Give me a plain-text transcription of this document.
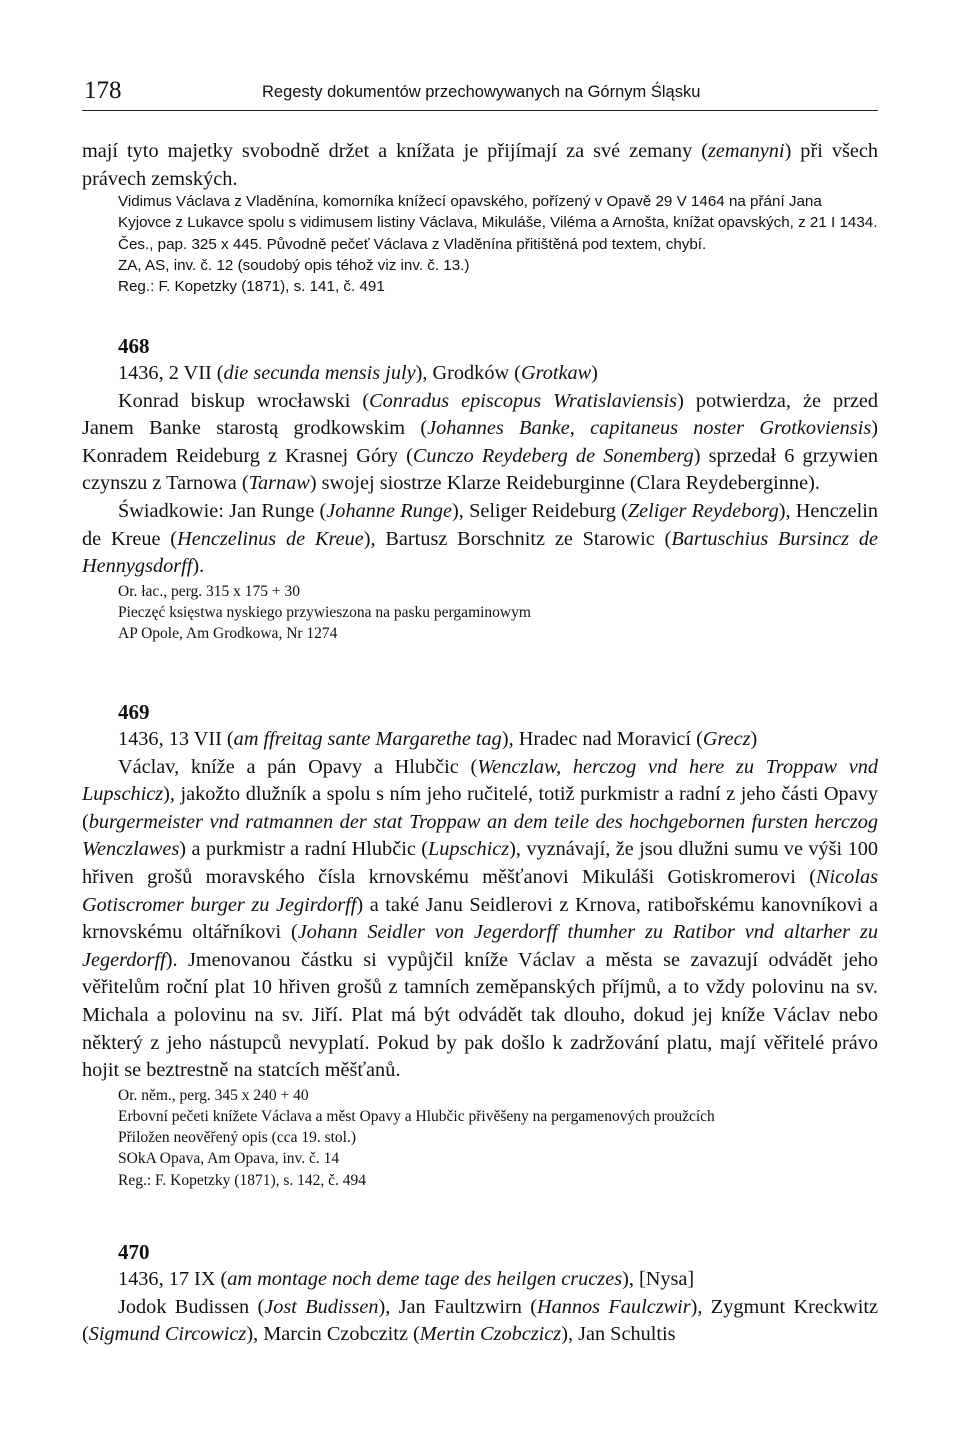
178	Regesty dokumentów przechowywanych na Górnym Śląsku

mají tyto majetky svobodně držet a knížata je přijímají za své zemany (zemanyni) při všech právech zemských.

Vidimus Václava z Vladěnína, komorníka knížecí opavského, pořízený v Opavě 29 V 1464 na přání Jana Kyjovce z Lukavce spolu s vidimusem listiny Václava, Mikuláše, Viléma a Arnošta, knížat opavských, z 21 I 1434. Čes., pap. 325 x 445. Původně pečeť Václava z Vladěnína přitištěná pod textem, chybí.

ZA, AS, inv. č. 12 (soudobý opis téhož viz inv. č. 13.)

Reg.: F. Kopetzky (1871), s. 141, č. 491

468

1436, 2 VII (die secunda mensis july), Grodków (Grotkaw)

Konrad biskup wrocławski (Conradus episcopus Wratislaviensis) potwierdza, że przed Janem Banke starostą grodkowskim (Johannes Banke, capitaneus noster Grotkoviensis) Konradem Reideburg z Krasnej Góry (Cunczo Reydeberg de Sonemberg) sprzedał 6 grzywien czynszu z Tarnowa (Tarnaw) swojej siostrze Klarze Reideburginne (Clara Reydeberginne).

Świadkowie: Jan Runge (Johanne Runge), Seliger Reideburg (Zeliger Reydeborg), Henczelin de Kreue (Henczelinus de Kreue), Bartusz Borschnitz ze Starowic (Bartuschius Bursincz de Hennygsdorff).

Or. łac., perg. 315 x 175 + 30

Pieczęć księstwa nyskiego przywieszona na pasku pergaminowym

AP Opole, Am Grodkowa, Nr 1274

469

1436, 13 VII (am ffreitag sante Margarethe tag), Hradec nad Moravicí (Grecz)

Václav, kníže a pán Opavy a Hlubčic (Wenczlaw, herczog vnd here zu Troppaw vnd Lupschicz), jakožto dlužník a spolu s ním jeho ručitelé, totiž purkmistr a radní z jeho části Opavy (burgermeister vnd ratmannen der stat Troppaw an dem teile des hochgebornen fursten herczog Wenczlawes) a purkmistr a radní Hlubčic (Lupschicz), vyznávají, že jsou dlužni sumu ve výši 100 hřiven grošů moravského čísla krnovskému měšťanovi Mikuláši Gotiskromerovi (Nicolas Gotiscromer burger zu Jegirdorff) a také Janu Seidlerovi z Krnova, ratibořskému kanovníkovi a krnovskému oltářníkovi (Johann Seidler von Jegerdorff thumher zu Ratibor vnd altarher zu Jegerdorff). Jmenovanou částku si vypůjčil kníže Václav a města se zavazují odvádět jeho věřitelům roční plat 10 hřiven grošů z tamních zeměpanských příjmů, a to vždy polovinu na sv. Michala a polovinu na sv. Jiří. Plat má být odvádět tak dlouho, dokud jej kníže Václav nebo některý z jeho nástupců nevyplatí. Pokud by pak došlo k zadržování platu, mají věřitelé právo hojit se beztrestně na statcích měšťanů.

Or. něm., perg. 345 x 240 + 40

Erbovní pečeti knížete Václava a měst Opavy a Hlubčic přivěšeny na pergamenových proužcích

Přiložen neověřený opis (cca 19. stol.)

SOkA Opava, Am Opava, inv. č. 14

Reg.: F. Kopetzky (1871), s. 142, č. 494

470

1436, 17 IX (am montage noch deme tage des heilgen cruczes), [Nysa]

Jodok Budissen (Jost Budissen), Jan Faultzwirn (Hannos Faulczwir), Zygmunt Kreckwitz (Sigmund Circowicz), Marcin Czobczitz (Mertin Czobczicz), Jan Schultis
